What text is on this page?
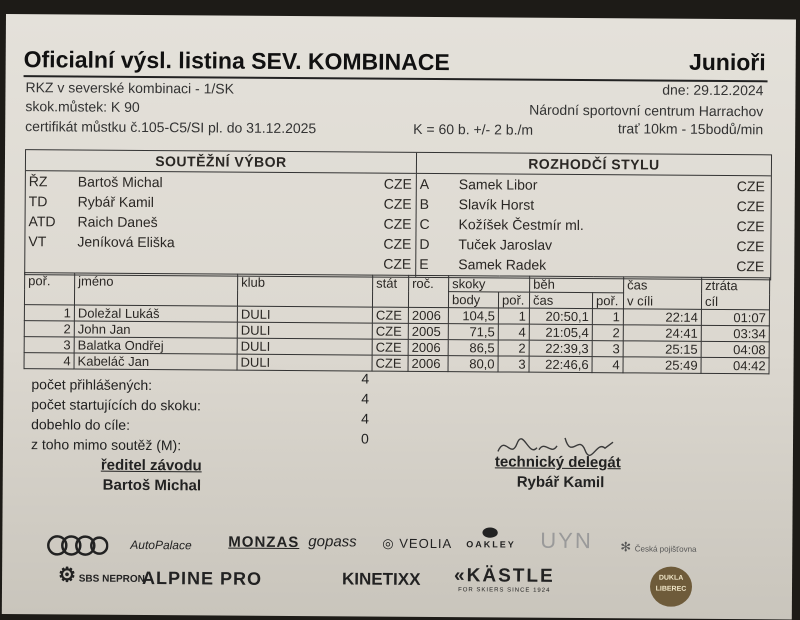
Oficialní výsl. listina SEV. KOMBINACE	Junioři
RKZ v severské kombinaci - 1/SK	dne: 29.12.2024
skok.můstek: K 90	Národní sportovní centrum Harrachov
certifikát můstku č.105-C5/SI pl. do 31.12.2025	K = 60 b. +/- 2 b./m	trať 10km - 15bodů/min
SOUTĚŽNÍ VÝBOR
ŘZ Bartoš Michal	CZE
TD Rybář Kamil	CZE
ATD Raich Daneš	CZE
VT Jeníková Eliška	CZE
CZE
ROZHODČÍ STYLU
A Samek Libor	CZE
B Slavík Horst	CZE
C Kožíšek Čestmír ml.	CZE
D Tuček Jaroslav	CZE
E Samek Radek	CZE
poř.	jméno	klub	stát	roč.	skoky		běh		čas	ztráta
					body	poř.	čas	poř.	v cíli	cíl
1	Doležal Lukáš	DULI	CZE	2006	104,5	1	20:50,1	1	22:14	01:07
2	John Jan	DULI	CZE	2005	71,5	4	21:05,4	2	24:41	03:34
3	Balatka Ondřej	DULI	CZE	2006	86,5	2	22:39,3	3	25:15	04:08
4	Kabeláč Jan	DULI	CZE	2006	80,0	3	22:46,6	4	25:49	04:42
počet přihlášených:	4
počet startujících do skoku:	4
dobehlo do cíle:	4
z toho mimo soutěž (M):	0
ředitel závodu
Bartoš Michal
technický delegát
Rybář Kamil
AutoPalace MONZAS gopass ◎ VEOLIA
⬬
OAKLEY UYN ✻ Česká pojišťovna
⚙ SBS NEPRON
ALPINE PRO	KINETIXX «KÄSTLE
FOR SKIERS SINCE 1924
DUKLA LIBEREC
